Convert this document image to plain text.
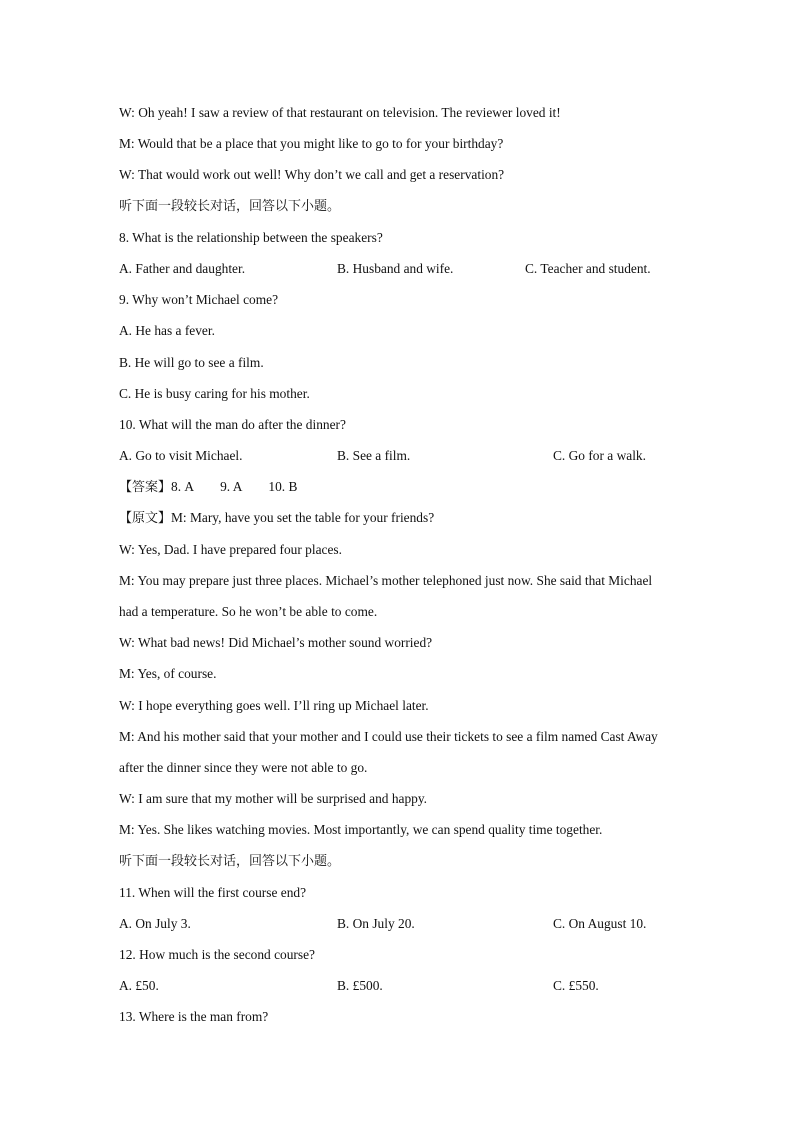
W: Oh yeah! I saw a review of that restaurant on television. The reviewer loved it!
M: Would that be a place that you might like to go to for your birthday?
W: That would work out well! Why don’t we call and get a reservation?
听下面一段较长对话，回答以下小题。
8. What is the relationship between the speakers?
A. Father and daughter.	B. Husband and wife.	C. Teacher and student.
9. Why won’t Michael come?
A. He has a fever.
B. He will go to see a film.
C. He is busy caring for his mother.
10. What will the man do after the dinner?
A. Go to visit Michael.	B. See a film.	C. Go for a walk.
【答案】8. A 9. A 10. B
【原文】M: Mary, have you set the table for your friends?
W: Yes, Dad. I have prepared four places.
M: You may prepare just three places. Michael’s mother telephoned just now. She said that Michael
had a temperature. So he won’t be able to come.
W: What bad news! Did Michael’s mother sound worried?
M: Yes, of course.
W: I hope everything goes well. I’ll ring up Michael later.
M: And his mother said that your mother and I could use their tickets to see a film named Cast Away
after the dinner since they were not able to go.
W: I am sure that my mother will be surprised and happy.
M: Yes. She likes watching movies. Most importantly, we can spend quality time together.
听下面一段较长对话，回答以下小题。
11. When will the first course end?
A. On July 3.	B. On July 20.	C. On August 10.
12. How much is the second course?
A. £50.	B. £500.	C. £550.
13. Where is the man from?
